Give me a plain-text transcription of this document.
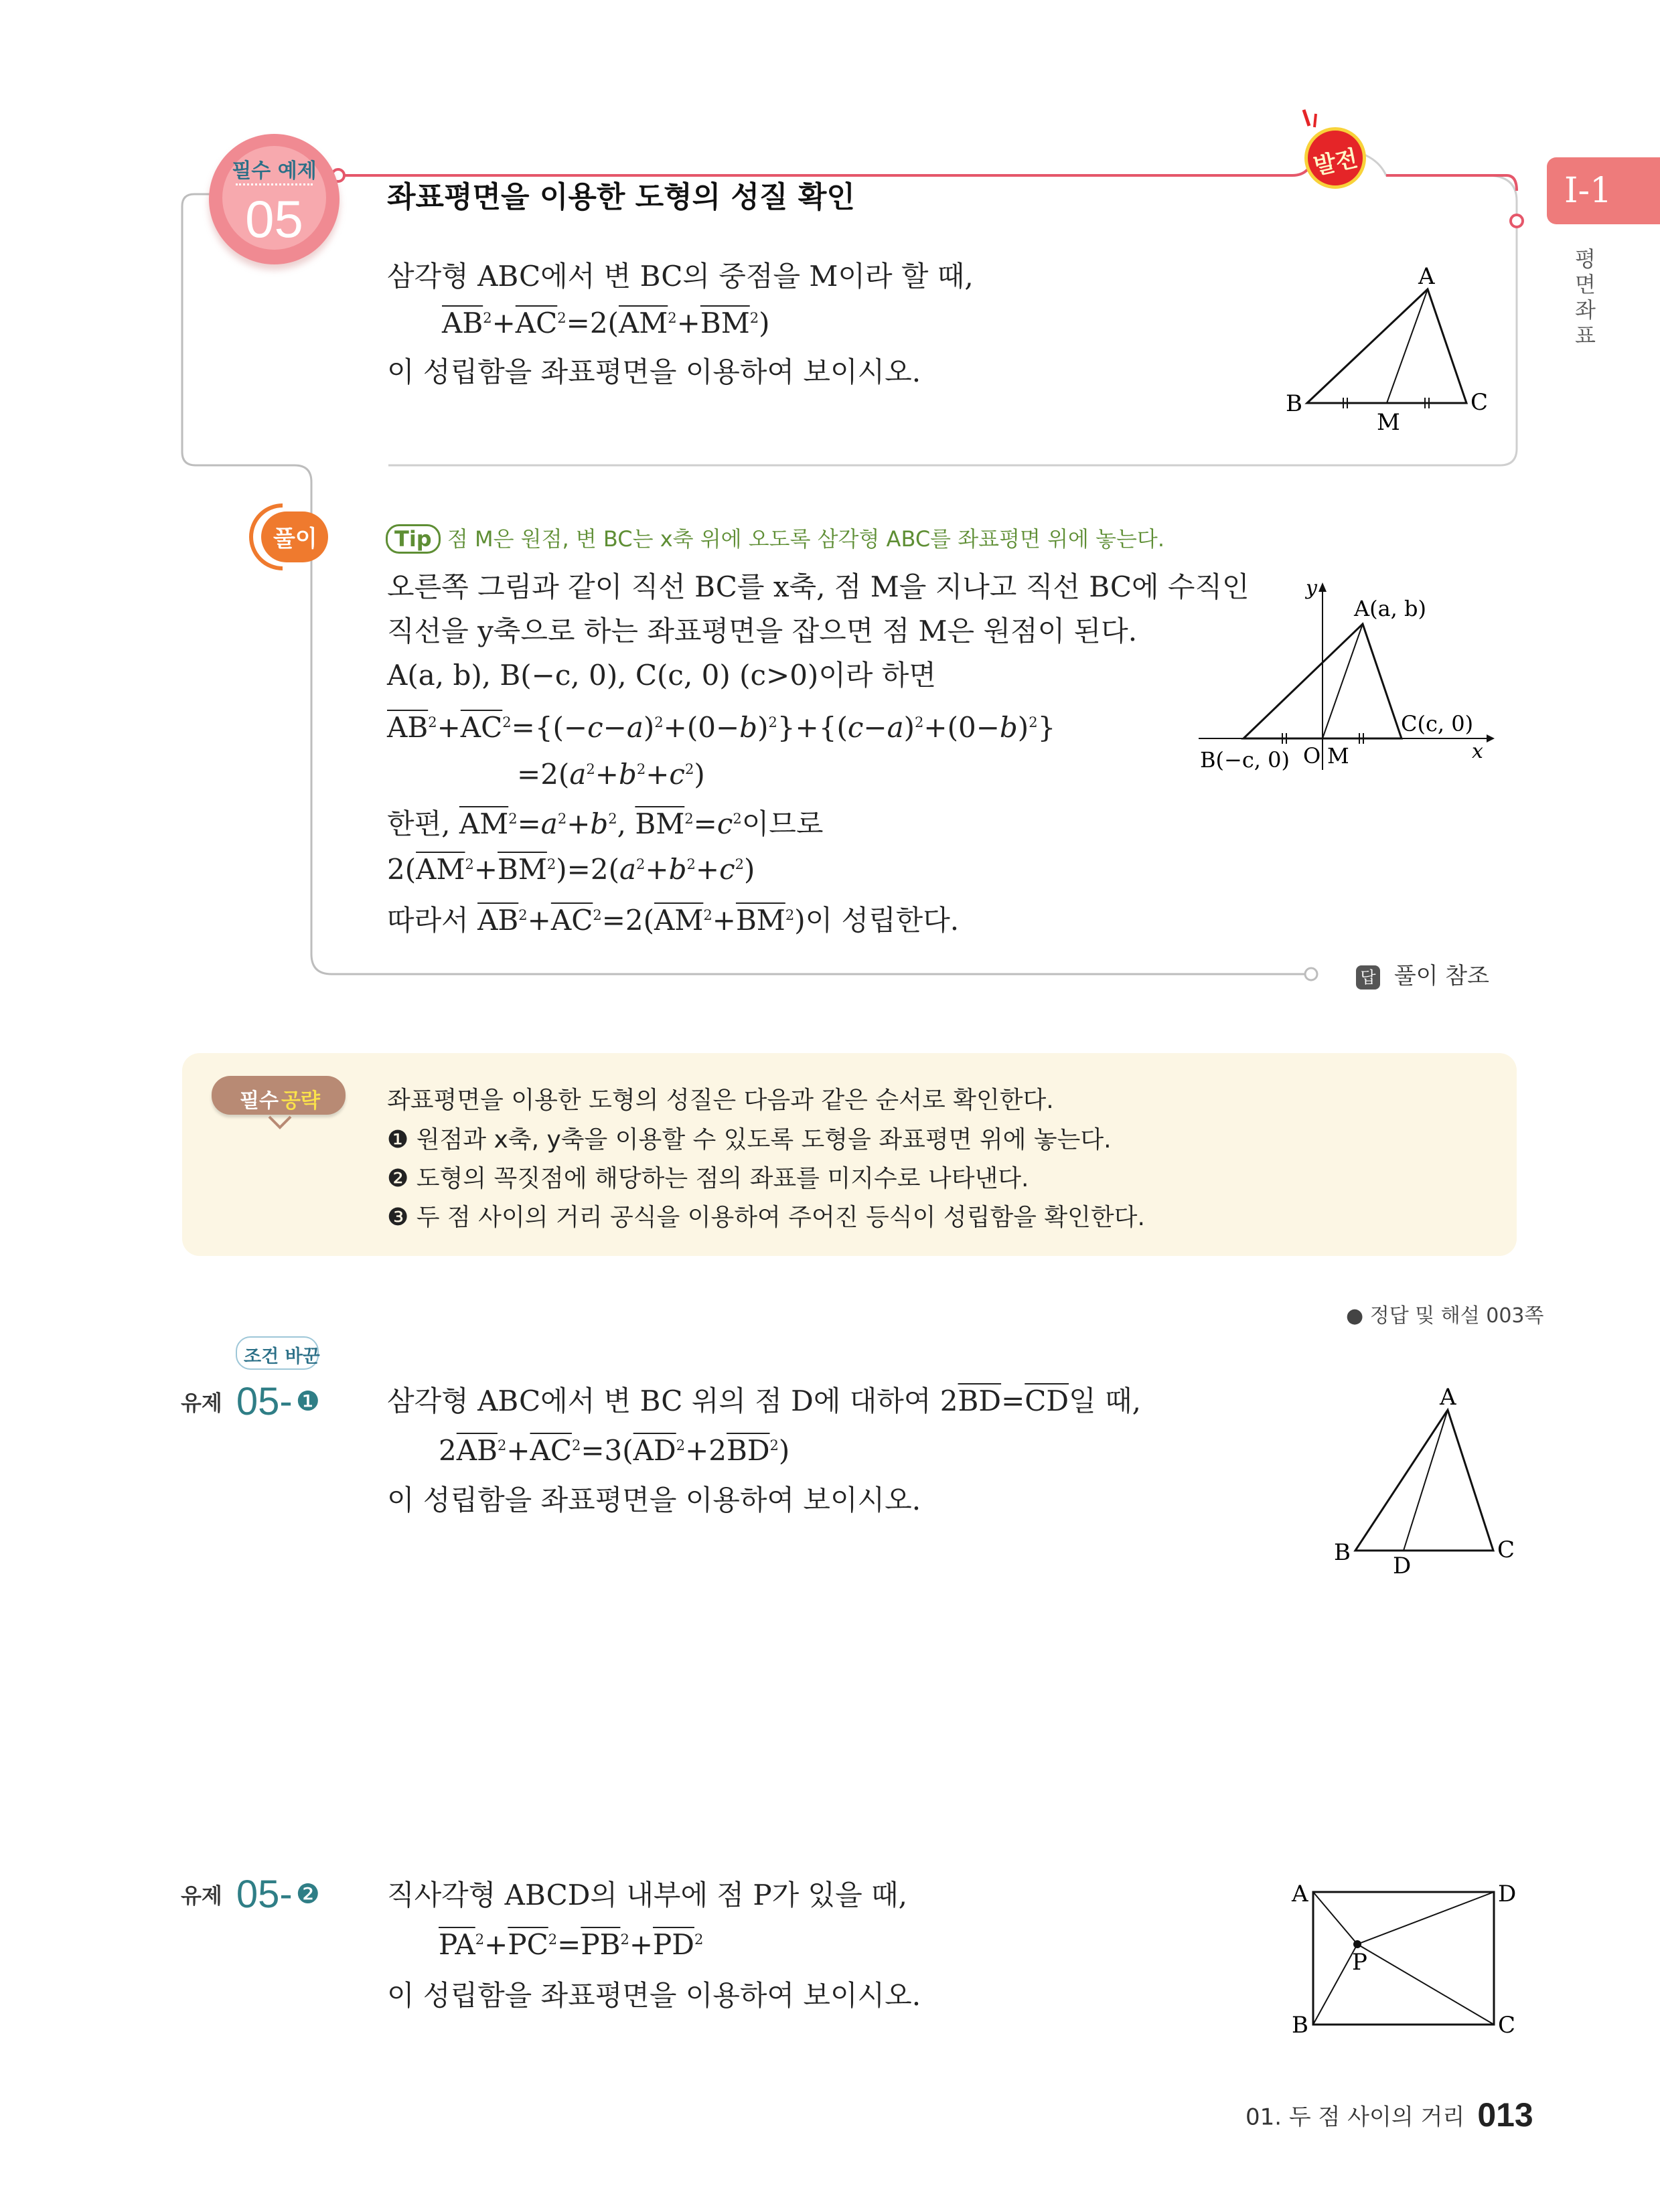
I-1
평면좌표
필수 예제
05
발전
좌표평면을 이용한 도형의 성질 확인
삼각형 ABC에서 변 BC의 중점을 M이라 할 때,
$\overline{AB}^2+\overline{AC}^2=2(\overline{AM}^2+\overline{BM}^2)$
이 성립함을 좌표평면을 이용하여 보이시오.
A
B	C
M
풀이	Tip 점 M은 원점, 변 BC는 x축 위에 오도록 삼각형 ABC를 좌표평면 위에 놓는다.
오른쪽 그림과 같이 직선 BC를 x축, 점 M을 지나고 직선 BC에 수직인
직선을 y축으로 하는 좌표평면을 잡으면 점 M은 원점이 된다.
A(a, b), B(−c, 0), C(c, 0) (c>0)이라 하면
$\overline{AB}^2+\overline{AC}^2=\{(-c-a)^2+(0-b)^2\}+\{(c-a)^2+(0-b)^2\}$
$=2(a^2+b^2+c^2)$
한편, $\overline{AM}^2=a^2+b^2$, $\overline{BM}^2=c^2$이므로
$2(\overline{AM}^2+\overline{BM}^2)=2(a^2+b^2+c^2)$
따라서 $\overline{AB}^2+\overline{AC}^2=2(\overline{AM}^2+\overline{BM}^2)$이 성립한다.
y
x
A(a, b)
B(−c, 0)
C(c, 0)
O M
답 풀이 참조
필수 공략	좌표평면을 이용한 도형의 성질은 다음과 같은 순서로 확인한다.
❶ 원점과 x축, y축을 이용할 수 있도록 도형을 좌표평면 위에 놓는다.
❷ 도형의 꼭짓점에 해당하는 점의 좌표를 미지수로 나타낸다.
❸ 두 점 사이의 거리 공식을 이용하여 주어진 등식이 성립함을 확인한다.
● 정답 및 해설 003쪽
조건 바꾼
유제 05- ❶ 삼각형 ABC에서 변 BC 위의 점 D에 대하여 $2\overline{BD}=\overline{CD}$일 때,
$2\overline{AB}^2+\overline{AC}^2=3(\overline{AD}^2+2\overline{BD}^2)$
이 성립함을 좌표평면을 이용하여 보이시오.
A
B	C
D
유제 05- ❷ 직사각형 ABCD의 내부에 점 P가 있을 때,
$\overline{PA}^2+\overline{PC}^2=\overline{PB}^2+\overline{PD}^2$
이 성립함을 좌표평면을 이용하여 보이시오.
A	D
B	C
P
01. 두 점 사이의 거리 013
